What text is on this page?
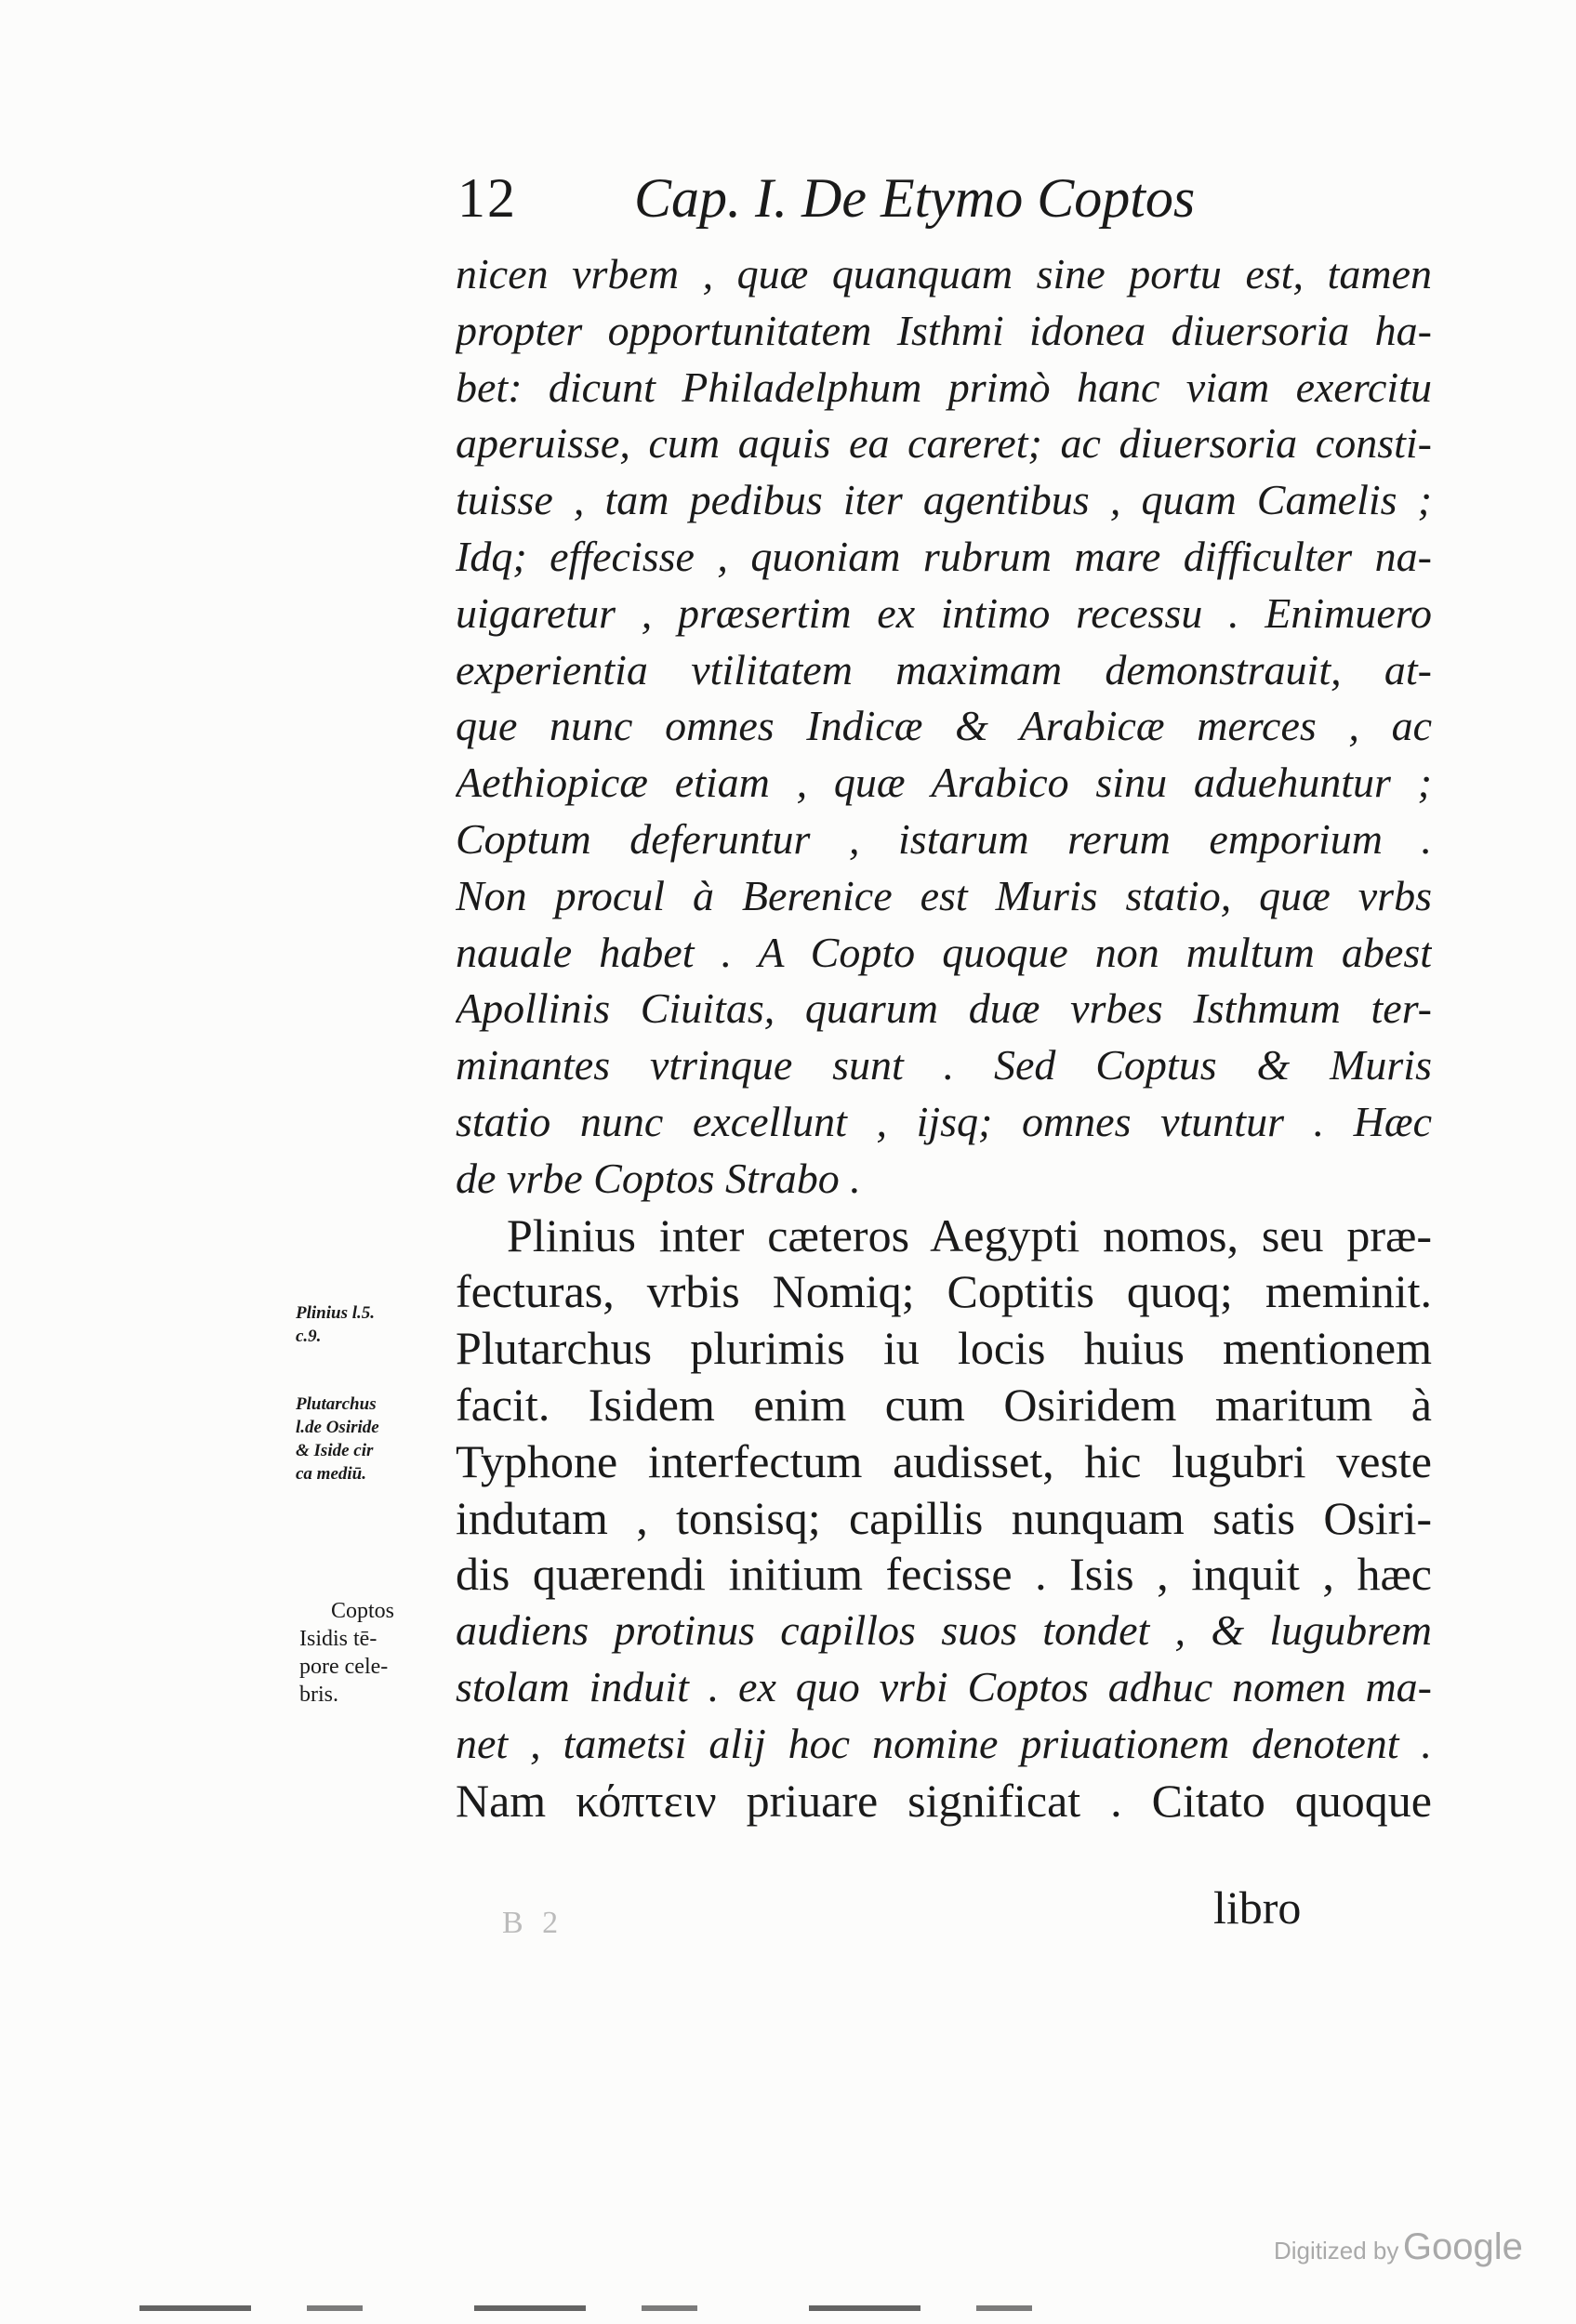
12 Cap. I. De Etymo Coptos
nicen vrbem , quæ quanquam sine portu est, tamen
propter opportunitatem Isthmi idonea diuersoria ha-
bet: dicunt Philadelphum primò hanc viam exercitu
aperuisse, cum aquis ea careret; ac diuersoria consti-
tuisse , tam pedibus iter agentibus , quam Camelis ;
Idq; effecisse , quoniam rubrum mare difficulter na-
uigaretur , præsertim ex intimo recessu . Enimuero
experientia vtilitatem maximam demonstrauit, at-
que nunc omnes Indicæ & Arabicæ merces , ac
Aethiopicæ etiam , quæ Arabico sinu aduehuntur ;
Coptum deferuntur , istarum rerum emporium .
Non procul à Berenice est Muris statio, quæ vrbs
nauale habet . A Copto quoque non multum abest
Apollinis Ciuitas, quarum duæ vrbes Isthmum ter-
minantes vtrinque sunt . Sed Coptus & Muris
statio nunc excellunt , ijsq; omnes vtuntur . Hæc
de vrbe Coptos Strabo .
Plinius inter cæteros Aegypti nomos, seu præ-
fecturas, vrbis Nomiq; Coptitis quoq; meminit.
Plutarchus plurimis iu locis huius mentionem
facit. Isidem enim cum Osiridem maritum à
Typhone interfectum audisset, hic lugubri veste
indutam , tonsisq; capillis nunquam satis Osiri-
dis quærendi initium fecisse . Isis , inquit , hæc
audiens protinus capillos suos tondet , & lugubrem
stolam induit . ex quo vrbi Coptos adhuc nomen ma-
net , tametsi alij hoc nomine priuationem denotent .
Nam κόπτειν priuare significat . Citato quoque
Plinius l.5.
c.9.
Plutarchus
l.de Osiride
& Iside cir
ca mediū.
Coptos
Isidis tē-
pore cele-
bris.
libro
B 2
Digitized by Google
